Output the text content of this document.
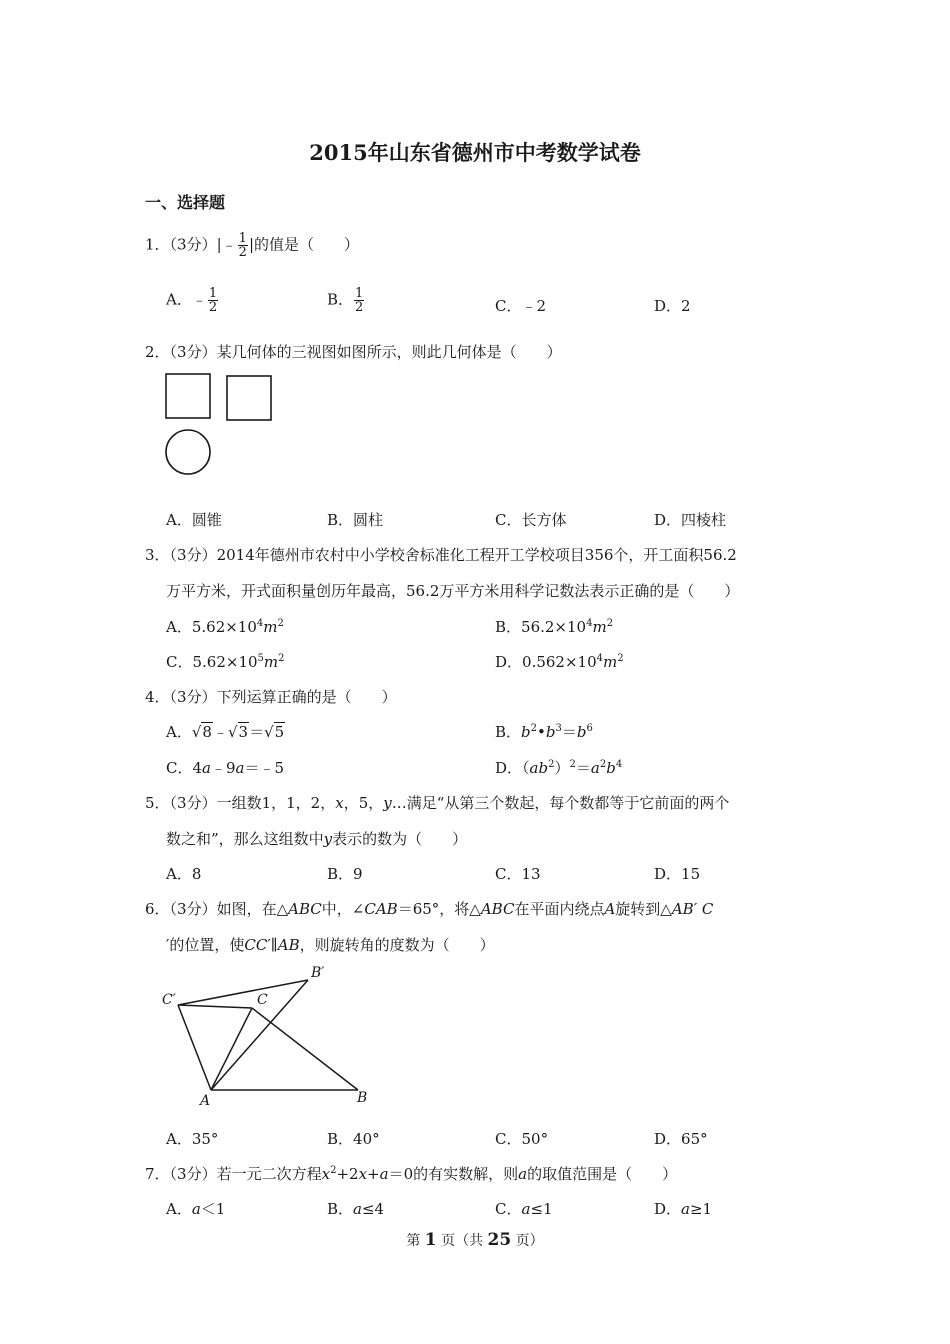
2015年山东省德州市中考数学试卷
一、选择题
1．（3分）|﹣ $\frac{1}{2}$ |的值是（　　）
A．﹣ $\frac{1}{2}$	B． $\frac{1}{2}$	C．﹣2	D．2
2．（3分）某几何体的三视图如图所示，则此几何体是（　　）
A．圆锥	B．圆柱	C．长方体	D．四棱柱
3．（3分）2014年德州市农村中小学校舍标准化工程开工学校项目356个，开工面积56.2
万平方米，开式面积量创历年最高，56.2万平方米用科学记数法表示正确的是（　　）
A．$5.62\times 10^4m^2$	B．$56.2\times 10^4m^2$
C．$5.62\times 10^5m^2$	D．$0.562\times 10^4m^2$
4．（3分）下列运算正确的是（　　）
A．√8﹣√3＝√5	B．$b^2•b^3=b^6$
C．4a﹣9a＝﹣5	D．$(ab^2)^2=a^2b^4$
5．（3分）一组数1，1，2，x，5，y…满足“从第三个数起，每个数都等于它前面的两个
数之和”，那么这组数中y表示的数为（　　）
A．8	B．9	C．13	D．15
6．（3分）如图，在△ABC中，∠CAB＝65°，将△ABC在平面内绕点A旋转到△AB′ C
′的位置，使CC′∥AB，则旋转角的度数为（　　）
C′	C
B′
A	B
A．35°	B．40°	C．50°	D．65°
7．（3分）若一元二次方程$x^2+2x+a=0$的有实数解，则a的取值范围是（　　）
A．a＜1	B．a≤4	C．a≤1	D．a≥1
第 1 页（共 25 页）
